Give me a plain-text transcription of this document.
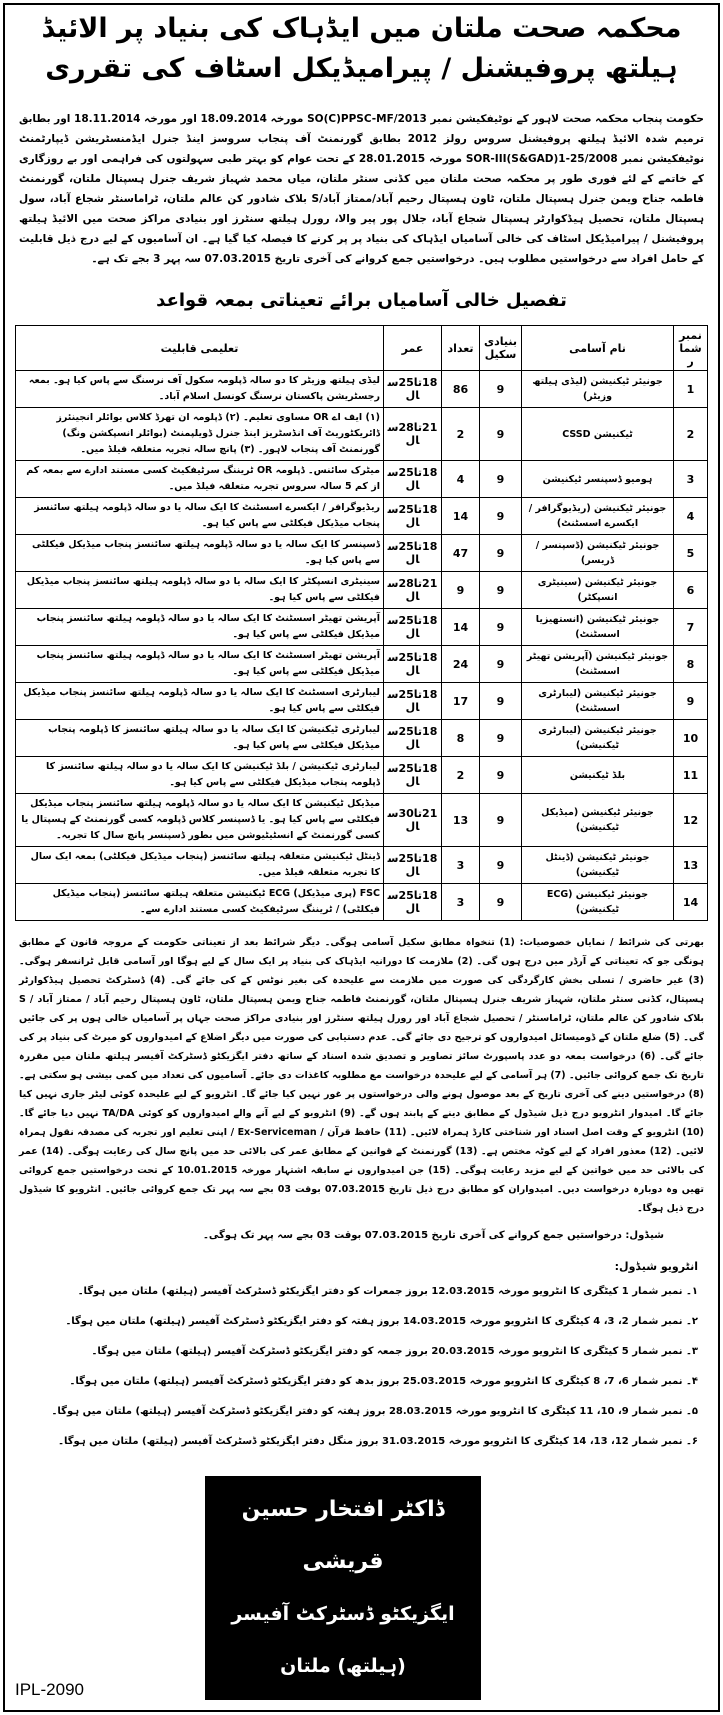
محکمہ صحت ملتان میں ایڈہاک کی بنیاد پر الائیڈ ہیلتھ پروفیشنل / پیرامیڈیکل اسٹاف کی تقرری
حکومت پنجاب محکمہ صحت لاہور کے نوٹیفکیشن نمبر SO(C)PPSC-MF/2013 مورخہ 18.09.2014 اور مورخہ 18.11.2014 اور بطابق ترمیم شدہ الائیڈ ہیلتھ پروفیشنل سروس رولز 2012 بطابق گورنمنٹ آف پنجاب سروسز اینڈ جنرل ایڈمنسٹریشن ڈیپارٹمنٹ نوٹیفکیشن نمبر SOR-III(S&GAD)1-25/2008 مورخہ 28.01.2015 کے تحت عوام کو بہتر طبی سہولتوں کی فراہمی اور بے روزگاری کے خاتمے کے لئے فوری طور پر محکمہ صحت ملتان میں کڈنی سنٹر ملتان، میاں محمد شہباز شریف جنرل ہسپتال ملتان، گورنمنٹ فاطمہ جناح ویمن جنرل ہسپتال ملتان، ٹاون ہسپتال رحیم آباد/ممتاز آباد/S بلاک شادور کن عالم ملتان، ٹراماسنٹر شجاع آباد، سول ہسپتال ملتان، تحصیل ہیڈکوارٹر ہسپتال شجاع آباد، جلال پور پیر والا، رورل ہیلتھ سنٹرز اور بنیادی مراکز صحت میں الائیڈ ہیلتھ پروفیشنل / پیرامیڈیکل اسٹاف کی خالی آسامیاں ایڈہاک کی بنیاد پر پر کرنے کا فیصلہ کیا گیا ہے۔ ان آسامیوں کے لیے درج ذیل قابلیت کے حامل افراد سے درخواستیں مطلوب ہیں۔ درخواستیں جمع کروانے کی آخری تاریخ 07.03.2015 سہ پہر 3 بجے تک ہے۔
تفصیل خالی آسامیاں برائے تعیناتی بمعہ قواعد
نمبر شمار	نام آسامی	بنیادی سکیل	تعداد	عمر	تعلیمی قابلیت
1	جونیئر ٹیکنیشن (لیڈی ہیلتھ وزیٹر)	9	86	18تا25سال	لیڈی ہیلتھ وزیٹر کا دو سالہ ڈپلومہ سکول آف نرسنگ سے پاس کیا ہو۔ بمعہ رجسٹریشن پاکستان نرسنگ کونسل اسلام آباد۔
2	ٹیکنیشن CSSD	9	2	21تا28سال	(۱) ایف اے OR مساوی تعلیم۔ (۲) ڈپلومہ ان تھرڈ کلاس بوائلر انجینئرز ڈائریکٹوریٹ آف انڈسٹریز اینڈ جنرل ڈویلپمنٹ (بوائلر انسپکشن ونگ) گورنمنٹ آف پنجاب لاہور۔ (۳) پانچ سالہ تجربہ متعلقہ فیلڈ میں۔
3	ہومیو ڈسپنسر ٹیکنیشن	9	4	18تا25سال	میٹرک سائنس۔ ڈپلومہ OR ٹریننگ سرٹیفکیٹ کسی مستند ادارے سے بمعہ کم از کم 5 سالہ سروس تجربہ متعلقہ فیلڈ میں۔
4	جونیئر ٹیکنیشن (ریڈیوگرافر / ایکسرے اسسٹنٹ)	9	14	18تا25سال	ریڈیوگرافر / ایکسرے اسسٹنٹ کا ایک سالہ یا دو سالہ ڈپلومہ ہیلتھ سائنسز پنجاب میڈیکل فیکلٹی سے پاس کیا ہو۔
5	جونیئر ٹیکنیشن (ڈسپنسر / ڈریسر)	9	47	18تا25سال	ڈسپنسر کا ایک سالہ یا دو سالہ ڈپلومہ ہیلتھ سائنسز پنجاب میڈیکل فیکلٹی سے پاس کیا ہو۔
6	جونیئر ٹیکنیشن (سینیٹری انسپکٹر)	9	9	21تا28سال	سینیٹری انسپکٹر کا ایک سالہ یا دو سالہ ڈپلومہ ہیلتھ سائنسز پنجاب میڈیکل فیکلٹی سے پاس کیا ہو۔
7	جونیئر ٹیکنیشن (انستھیزیا اسسٹنٹ)	9	14	18تا25سال	آپریشن تھیٹر اسسٹنٹ کا ایک سالہ یا دو سالہ ڈپلومہ ہیلتھ سائنسز پنجاب میڈیکل فیکلٹی سے پاس کیا ہو۔
8	جونیئر ٹیکنیشن (آپریشن تھیٹر اسسٹنٹ)	9	24	18تا25سال	آپریشن تھیٹر اسسٹنٹ کا ایک سالہ یا دو سالہ ڈپلومہ ہیلتھ سائنسز پنجاب میڈیکل فیکلٹی سے پاس کیا ہو۔
9	جونیئر ٹیکنیشن (لیبارٹری اسسٹنٹ)	9	17	18تا25سال	لیبارٹری اسسٹنٹ کا ایک سالہ یا دو سالہ ڈپلومہ ہیلتھ سائنسز پنجاب میڈیکل فیکلٹی سے پاس کیا ہو۔
10	جونیئر ٹیکنیشن (لیبارٹری ٹیکنیشن)	9	8	18تا25سال	لیبارٹری ٹیکنیشن کا ایک سالہ یا دو سالہ ہیلتھ سائنسز کا ڈپلومہ پنجاب میڈیکل فیکلٹی سے پاس کیا ہو۔
11	بلڈ ٹیکنیشن	9	2	18تا25سال	لیبارٹری ٹیکنیشن / بلڈ ٹیکنیشن کا ایک سالہ یا دو سالہ ہیلتھ سائنسز کا ڈپلومہ پنجاب میڈیکل فیکلٹی سے پاس کیا ہو۔
12	جونیئر ٹیکنیشن (میڈیکل ٹیکنیشن)	9	13	21تا30سال	میڈیکل ٹیکنیشن کا ایک سالہ یا دو سالہ ڈپلومہ ہیلتھ سائنسز پنجاب میڈیکل فیکلٹی سے پاس کیا ہو۔ یا ڈسپنسر کلاس ڈپلومہ کسی گورنمنٹ کے ہسپتال یا کسی گورنمنٹ کے انسٹیٹیوشن میں بطور ڈسپنسر پانچ سال کا تجربہ۔
13	جونیئر ٹیکنیشن (ڈینٹل ٹیکنیشن)	9	3	18تا25سال	ڈینٹل ٹیکنیشن متعلقہ ہیلتھ سائنسز (پنجاب میڈیکل فیکلٹی) بمعہ ایک سال کا تجربہ متعلقہ فیلڈ میں۔
14	جونیئر ٹیکنیشن (ECG ٹیکنیشن)	9	3	18تا25سال	FSC (پری میڈیکل) ECG ٹیکنیشن متعلقہ ہیلتھ سائنسز (پنجاب میڈیکل فیکلٹی) / ٹریننگ سرٹیفکیٹ کسی مستند ادارے سے۔
بھرتی کی شرائط / نمایاں خصوصیات: (1) تنخواہ مطابق سکیل آسامی ہوگی۔ دیگر شرائط بعد از تعیناتی حکومت کے مروجہ قانون کے مطابق ہونگی جو کہ تعیناتی کے آرڈر میں درج ہوں گی۔ (2) ملازمت کا دورانیہ ایڈہاک کی بنیاد پر ایک سال کے لیے ہوگا اور آسامی قابل ٹرانسفر ہوگی۔ (3) غیر حاضری / تسلی بخش کارگردگی کی صورت میں ملازمت سے علیحدہ کی بغیر نوٹس کے کی جائے گی۔ (4) ڈسٹرکٹ تحصیل ہیڈکوارٹر ہسپتال، کڈنی سنٹر ملتان، شہباز شریف جنرل ہسپتال ملتان، گورنمنٹ فاطمہ جناح ویمن ہسپتال ملتان، ٹاون ہسپتال رحیم آباد / ممتاز آباد / S بلاک شادور کن عالم ملتان، ٹراماسنٹر / تحصیل شجاع آباد اور رورل ہیلتھ سنٹرز اور بنیادی مراکز صحت جہاں پر آسامیاں خالی ہوں پر کی جائیں گی۔ (5) ضلع ملتان کے ڈومیسائل امیدواروں کو ترجیح دی جائے گی۔ عدم دستیابی کی صورت میں دیگر اضلاع کے امیدواروں کو میرٹ کی بنیاد پر کی جائے گی۔ (6) درخواست بمعہ دو عدد پاسپورٹ سائز تصاویر و تصدیق شدہ اسناد کے ساتھ دفتر ایگزیکٹو ڈسٹرکٹ آفیسر ہیلتھ ملتان میں مقررہ تاریخ تک جمع کروائی جائیں۔ (7) ہر آسامی کے لیے علیحدہ درخواست مع مطلوبہ کاغذات دی جائے۔ آسامیوں کی تعداد میں کمی بیشی ہو سکتی ہے۔ (8) درخواستیں دینے کی آخری تاریخ کے بعد موصول ہونے والی درخواستوں پر غور نہیں کیا جائے گا۔ انٹرویو کے لیے علیحدہ کوئی لیٹر جاری نہیں کیا جائے گا۔ امیدوار انٹرویو درج ذیل شیڈول کے مطابق دینے کے پابند ہوں گے۔ (9) انٹرویو کے لیے آنے والے امیدواروں کو کوئی TA/DA نہیں دیا جائے گا۔ (10) انٹرویو کے وقت اصل اسناد اور شناختی کارڈ ہمراہ لائیں۔ (11) حافظ قرآن / Ex-Serviceman / اپنی تعلیم اور تجربہ کی مصدقہ نقول ہمراہ لائیں۔ (12) معذور افراد کے لیے کوٹہ مختص ہے۔ (13) گورنمنٹ کے قوانین کے مطابق عمر کی بالائی حد میں پانچ سال کی رعایت ہوگی۔ (14) عمر کی بالائی حد میں خواتین کے لیے مزید رعایت ہوگی۔ (15) جن امیدواروں نے سابقہ اشتہار مورخہ 10.01.2015 کے تحت درخواستیں جمع کروائی تھیں وہ دوبارہ درخواست دیں۔ امیدواران کو مطابق درج ذیل تاریخ 07.03.2015 بوقت 03 بجے سہ پہر تک جمع کروائی جائیں۔ انٹرویو کا شیڈول درج ذیل ہوگا۔
شیڈول: درخواستیں جمع کروانے کی آخری تاریخ 07.03.2015 بوقت 03 بجے سہ پہر تک ہوگی۔
انٹرویو شیڈول:
۱۔ نمبر شمار 1 کیٹگری کا انٹرویو مورخہ 12.03.2015 بروز جمعرات کو دفتر ایگزیکٹو ڈسٹرکٹ آفیسر (ہیلتھ) ملتان میں ہوگا۔
۲۔ نمبر شمار 2، 3، 4 کیٹگری کا انٹرویو مورخہ 14.03.2015 بروز ہفتہ کو دفتر ایگزیکٹو ڈسٹرکٹ آفیسر (ہیلتھ) ملتان میں ہوگا۔
۳۔ نمبر شمار 5 کیٹگری کا انٹرویو مورخہ 20.03.2015 بروز جمعہ کو دفتر ایگزیکٹو ڈسٹرکٹ آفیسر (ہیلتھ) ملتان میں ہوگا۔
۴۔ نمبر شمار 6، 7، 8 کیٹگری کا انٹرویو مورخہ 25.03.2015 بروز بدھ کو دفتر ایگزیکٹو ڈسٹرکٹ آفیسر (ہیلتھ) ملتان میں ہوگا۔
۵۔ نمبر شمار 9، 10، 11 کیٹگری کا انٹرویو مورخہ 28.03.2015 بروز ہفتہ کو دفتر ایگزیکٹو ڈسٹرکٹ آفیسر (ہیلتھ) ملتان میں ہوگا۔
۶۔ نمبر شمار 12، 13، 14 کیٹگری کا انٹرویو مورخہ 31.03.2015 بروز منگل دفتر ایگزیکٹو ڈسٹرکٹ آفیسر (ہیلتھ) ملتان میں ہوگا۔
IPL-2090
ڈاکٹر افتخار حسین قریشی
ایگزیکٹو ڈسٹرکٹ آفیسر (ہیلتھ) ملتان
